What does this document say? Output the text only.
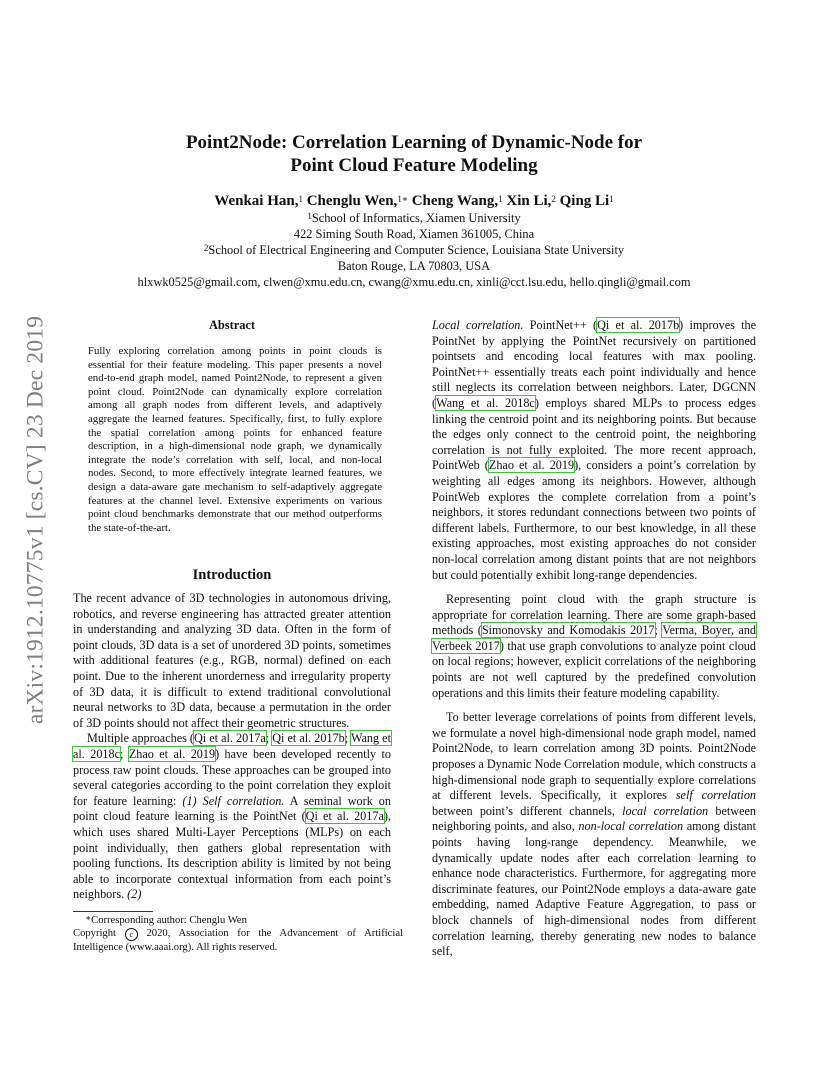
arXiv:1912.10775v1 [cs.CV] 23 Dec 2019
Point2Node: Correlation Learning of Dynamic-Node for
Point Cloud Feature Modeling
Wenkai Han,$^1$ Chenglu Wen,$^{1∗}$ Cheng Wang,$^1$ Xin Li,$^2$ Qing Li$^1$
$^1$School of Informatics, Xiamen University
422 Siming South Road, Xiamen 361005, China
$^2$School of Electrical Engineering and Computer Science, Louisiana State University
Baton Rouge, LA 70803, USA
hlxwk0525@gmail.com, clwen@xmu.edu.cn, cwang@xmu.edu.cn, xinli@cct.lsu.edu, hello.qingli@gmail.com
Abstract
Fully exploring correlation among points in point clouds is essential for their feature modeling. This paper presents a novel end-to-end graph model, named Point2Node, to represent a given point cloud. Point2Node can dynamically explore correlation among all graph nodes from different levels, and adaptively aggregate the learned features. Specifically, first, to fully explore the spatial correlation among points for enhanced feature description, in a high-dimensional node graph, we dynamically integrate the node’s correlation with self, local, and non-local nodes. Second, to more effectively integrate learned features, we design a data-aware gate mechanism to self-adaptively aggregate features at the channel level. Extensive experiments on various point cloud benchmarks demonstrate that our method outperforms the state-of-the-art.
Introduction

The recent advance of 3D technologies in autonomous driving, robotics, and reverse engineering has attracted greater attention in understanding and analyzing 3D data. Often in the form of point clouds, 3D data is a set of unordered 3D points, sometimes with additional features (e.g., RGB, normal) defined on each point. Due to the inherent unorderness and irregularity property of 3D data, it is difficult to extend traditional convolutional neural networks to 3D data, because a permutation in the order of 3D points should not affect their geometric structures.

Multiple approaches (Qi et al. 2017a; Qi et al. 2017b; Wang et al. 2018c; Zhao et al. 2019) have been developed recently to process raw point clouds. These approaches can be grouped into several categories according to the point correlation they exploit for feature learning: (1) Self correlation. A seminal work on point cloud feature learning is the PointNet (Qi et al. 2017a), which uses shared Multi-Layer Perceptions (MLPs) on each point individually, then gathers global representation with pooling functions. Its description ability is limited by not being able to incorporate contextual information from each point’s neighbors. (2)

Local correlation. PointNet++ (Qi et al. 2017b) improves the PointNet by applying the PointNet recursively on partitioned pointsets and encoding local features with max pooling. PointNet++ essentially treats each point individually and hence still neglects its correlation between neighbors. Later, DGCNN (Wang et al. 2018c) employs shared MLPs to process edges linking the centroid point and its neighboring points. But because the edges only connect to the centroid point, the neighboring correlation is not fully exploited. The more recent approach, PointWeb (Zhao et al. 2019), considers a point’s correlation by weighting all edges among its neighbors. However, although PointWeb explores the complete correlation from a point’s neighbors, it stores redundant connections between two points of different labels. Furthermore, to our best knowledge, in all these existing approaches, most existing approaches do not consider non-local correlation among distant points that are not neighbors but could potentially exhibit long-range dependencies.

Representing point cloud with the graph structure is appropriate for correlation learning. There are some graph-based methods (Simonovsky and Komodakis 2017; Verma, Boyer, and Verbeek 2017) that use graph convolutions to analyze point cloud on local regions; however, explicit correlations of the neighboring points are not well captured by the predefined convolution operations and this limits their feature modeling capability.

To better leverage correlations of points from different levels, we formulate a novel high-dimensional node graph model, named Point2Node, to learn correlation among 3D points. Point2Node proposes a Dynamic Node Correlation module, which constructs a high-dimensional node graph to sequentially explore correlations at different levels. Specifically, it explores self correlation between point’s different channels, local correlation between neighboring points, and also, non-local correlation among distant points having long-range dependency. Meanwhile, we dynamically update nodes after each correlation learning to enhance node characteristics. Furthermore, for aggregating more discriminate features, our Point2Node employs a data-aware gate embedding, named Adaptive Feature Aggregation, to pass or block channels of high-dimensional nodes from different correlation learning, thereby generating new nodes to balance self,

∗Corresponding author: Chenglu Wen
Copyright c 2020, Association for the Advancement of Artificial Intelligence (www.aaai.org). All rights reserved.
